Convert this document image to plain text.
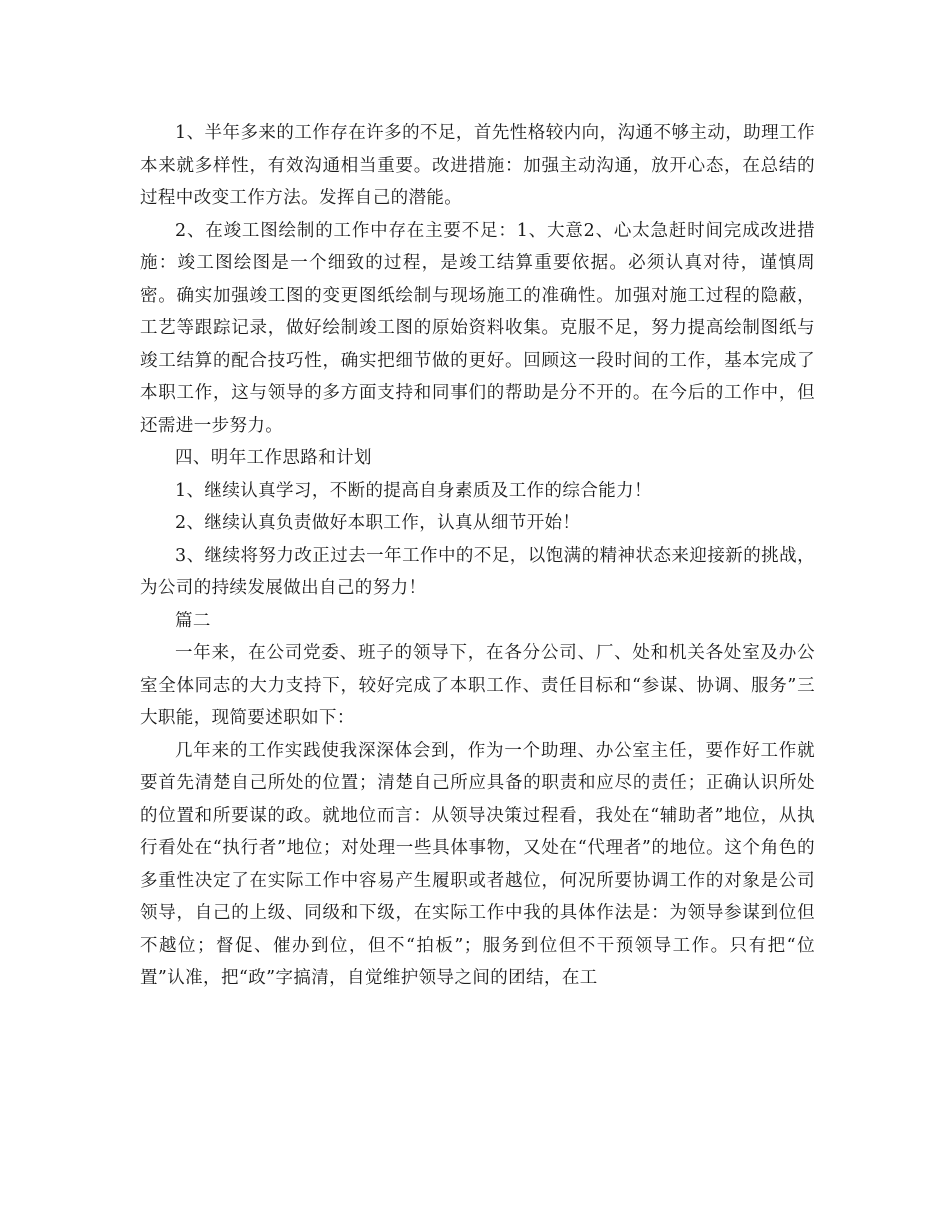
1、半年多来的工作存在许多的不足，首先性格较内向，沟通不够主动，助理工作本来就多样性，有效沟通相当重要。改进措施：加强主动沟通，放开心态，在总结的过程中改变工作方法。发挥自己的潜能。

2、在竣工图绘制的工作中存在主要不足：1、大意2、心太急赶时间完成改进措施：竣工图绘图是一个细致的过程，是竣工结算重要依据。必须认真对待，谨慎周密。确实加强竣工图的变更图纸绘制与现场施工的准确性。加强对施工过程的隐蔽，工艺等跟踪记录，做好绘制竣工图的原始资料收集。克服不足，努力提高绘制图纸与竣工结算的配合技巧性，确实把细节做的更好。回顾这一段时间的工作，基本完成了本职工作，这与领导的多方面支持和同事们的帮助是分不开的。在今后的工作中，但还需进一步努力。

四、明年工作思路和计划

1、继续认真学习，不断的提高自身素质及工作的综合能力！

2、继续认真负责做好本职工作，认真从细节开始！

3、继续将努力改正过去一年工作中的不足，以饱满的精神状态来迎接新的挑战，为公司的持续发展做出自己的努力！

篇二

一年来，在公司党委、班子的领导下，在各分公司、厂、处和机关各处室及办公室全体同志的大力支持下，较好完成了本职工作、责任目标和“参谋、协调、服务”三大职能，现简要述职如下：

几年来的工作实践使我深深体会到，作为一个助理、办公室主任，要作好工作就要首先清楚自己所处的位置；清楚自己所应具备的职责和应尽的责任；正确认识所处的位置和所要谋的政。就地位而言：从领导决策过程看，我处在“辅助者”地位，从执行看处在“执行者”地位；对处理一些具体事物，又处在“代理者”的地位。这个角色的多重性决定了在实际工作中容易产生履职或者越位，何况所要协调工作的对象是公司领导，自己的上级、同级和下级，在实际工作中我的具体作法是：为领导参谋到位但不越位；督促、催办到位，但不“拍板”；服务到位但不干预领导工作。只有把“位置”认准，把“政”字搞清，自觉维护领导之间的团结，在工
